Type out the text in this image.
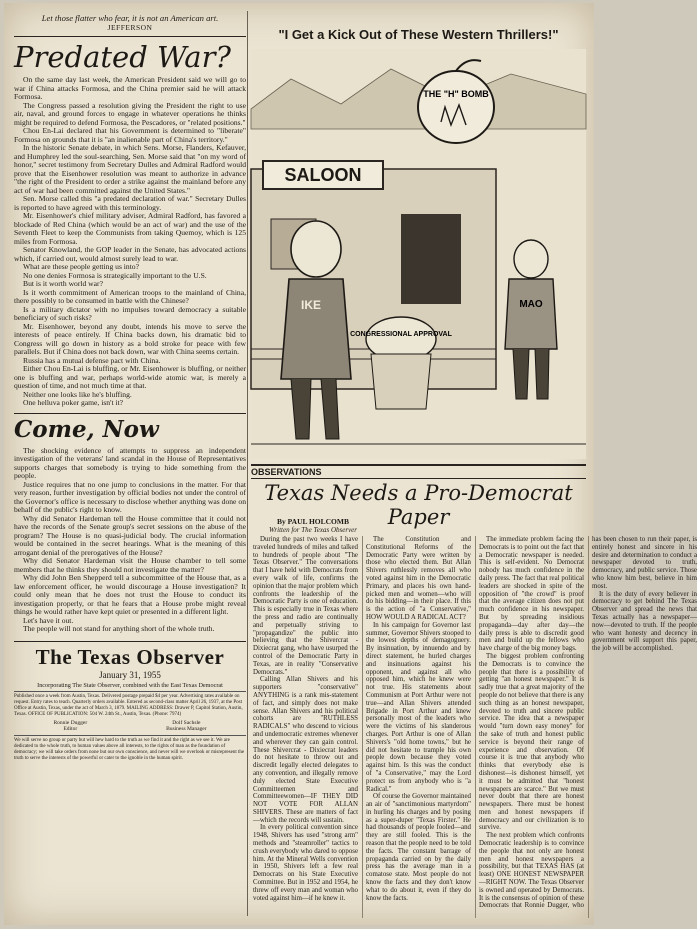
Let those flatter who fear, it is not an American art.
JEFFERSON
Predated War?

On the same day last week, the American President said we will go to war if China attacks Formosa, and the China premier said he will attack Formosa.

The Congress passed a resolution giving the President the right to use air, naval, and ground forces to engage in whatever operations he thinks might be required to defend Formosa, the Pescadores, or "related positions."

Chou En-Lai declared that his Government is determined to "liberate" Formosa on grounds that it is "an inalienable part of China's territory."

In the historic Senate debate, in which Sens. Morse, Flanders, Kefauver, and Humphrey led the soul-searching, Sen. Morse said that "on my word of honor," secret testimony from Secretary Dulles and Admiral Radford would prove that the Eisenhower resolution was meant to authorize in advance "the right of the President to order a strike against the mainland before any act of war had been committed against the United States."

Sen. Morse called this "a predated declaration of war." Secretary Dulles is reported to have agreed with this terminology.

Mr. Eisenhower's chief military adviser, Admiral Radford, has favored a blockade of Red China (which would be an act of war) and the use of the Seventh Fleet to keep the Communists from taking Quemoy, which is 125 miles from Formosa.

Senator Knowland, the GOP leader in the Senate, has advocated actions which, if carried out, would almost surely lead to war.

What are these people getting us into?

No one denies Formosa is strategically important to the U.S.

But is it worth world war?

Is it worth commitment of American troops to the mainland of China, there possibly to be consumed in battle with the Chinese?

Is a military dictator with no impulses toward democracy a suitable beneficiary of such risks?

Mr. Eisenhower, beyond any doubt, intends his move to serve the interests of peace entirely. If China backs down, his dramatic bid to Congress will go down in history as a bold stroke for peace with few parallels. But if China does not back down, war with China seems certain.

Russia has a mutual defense pact with China.

Either Chou En-Lai is bluffing, or Mr. Eisenhower is bluffing, or neither one is bluffing and war, perhaps world-wide atomic war, is merely a question of time, and not much time at that.

Neither one looks like he's bluffing.

One helluva poker game, isn't it?

Come, Now

The shocking evidence of attempts to suppress an independent investigation of the veterans' land scandal in the House of Representatives supports charges that somebody is trying to hide something from the people.

Justice requires that no one jump to conclusions in the matter. For that very reason, further investigation by official bodies not under the control of the Governor's office is necessary to disclose whether anything was done on behalf of the public's right to know.

Why did Senator Hardeman tell the House committee that it could not have the records of the Senate group's secret sessions on the abuse of the program? The House is no quasi-judicial body. The crucial information would be contained in the secret hearings. What is the meaning of this arrogant denial of the prerogatives of the House?

Why did Senator Hardeman visit the House chamber to tell some members that he thinks they should not investigate the matter?

Why did John Ben Shepperd tell a subcommittee of the House that, as a law enforcement officer, he would discourage a House investigation? It could only mean that he does not trust the House to conduct its investigation properly, or that he fears that a House probe might reveal things he would rather have kept quiet or presented in a different light.

Let's have it out.

The people will not stand for anything short of the whole truth.

The Texas Observer
January 31, 1955
Incorporating The State Observer, combined with the East Texas Democrat
Published once a week from Austin, Texas. Delivered postage prepaid $4 per year. Advertising rates available on request. Entry rates to teach. Quarterly orders available. Entered as second-class matter April 26, 1937, at the Post Office at Austin, Texas, under the act of March 3, 1879. MAILING ADDRESS: Drawer P, Capitol Station, Austin, Texas. OFFICE OF PUBLICATION: 504 W. 24th St., Austin, Texas. (Phone: 7974)
Ronnie Dugger
Editor
Dolf Sachsle
Business Manager
We will serve no group or party but will hew hard to the truth as we find it and the right as we see it. We are dedicated to the whole truth, to human values above all interests, to the rights of man as the foundation of democracy; we will take orders from none but our own conscience, and never will we overlook or misrepresent the truth to serve the interests of the powerful or cater to the ignoble in the human spirit.
"I Get a Kick Out of These Western Thrillers!"
SALOON
THE "H" BOMB
IKE
CONGRESSIONAL APPROVAL
MAO
OBSERVATIONS
Texas Needs a Pro-Democrat Paper
By PAUL HOLCOMB
Written for The Texas Observer

During the past two weeks I have traveled hundreds of miles and talked to hundreds of people about "The Texas Observer." The conversations that I have held with Democrats from every walk of life, confirms the opinion that the major problem which confronts the leadership of the Democratic Party is one of education. This is especially true in Texas where the press and radio are continually and perpetually striving to "propagandize" the public into believing that the Shivercrat - Dixiecrat gang, who have usurped the control of the Democratic Party in Texas, are in reality "Conservative Democrats."

Calling Allan Shivers and his supporters "conservative" ANYTHING is a rank mis-statement of fact, and simply does not make sense. Allan Shivers and his political cohorts are "RUTHLESS RADICALS" who descend to vicious and undemocratic extremes whenever and wherever they can gain control. These Shivercrat - Dixiecrat leaders do not hesitate to throw out and discredit legally elected delegates to any convention, and illegally remove duly elected State Executive Committeemen and Committeewomen—IF THEY DID NOT VOTE FOR ALLAN SHIVERS. These are matters of fact—which the records will sustain.

In every political convention since 1948, Shivers has used "strong arm" methods and "steamroller" tactics to crush everybody who dared to oppose him. At the Mineral Wells convention in 1950, Shivers left a few real Democrats on his State Executive Committee. But in 1952 and 1954, he threw off every man and woman who voted against him—if he knew it.

The Constitution and Constitutional Reforms of the Democratic Party were written by those who elected them. But Allan Shivers ruthlessly removes all who voted against him in the Democratic Primary, and places his own hand-picked men and women—who will do his bidding—in their place. If this is the action of "a Conservative," HOW WOULD A RADICAL ACT?

In his campaign for Governor last summer, Governor Shivers stooped to the lowest depths of demagoguery. By insinuation, by innuendo and by direct statement, he hurled charges and insinuations against his opponent, and against all who opposed him, which he knew were not true. His statements about Communism at Port Arthur were not true—and Allan Shivers attended Brigade in Port Arthur and knew personally most of the leaders who were the victims of his slanderous charges. Port Arthur is one of Allan Shivers's "old home towns," but he did not hesitate to trample his own people down because they voted against him. Is this was the conduct of "a Conservative," may the Lord protect us from anybody who is "a Radical."

Of course the Governor maintained an air of "sanctimonious martyrdom" in hurling his charges and by posing as a super-duper "Texas Firster." He had thousands of people fooled—and they are still fooled. This is the reason that the people need to be told the facts. The constant barrage of propaganda carried on by the daily press has the average man in a comatose state. Most people do not know the facts and they don't know what to do about it, even if they do know the facts.

The immediate problem facing the Democrats is to point out the fact that a Democratic newspaper is needed. This is self-evident. No Democrat nobody has much confidence in the daily press. The fact that real political leaders are shocked in spite of the opposition of "the crowd" is proof that the average citizen does not put much confidence in his newspaper. But by spreading insidious propaganda—day after day—the daily press is able to discredit good men and build up the fellows who have charge of the big money bags.

The biggest problem confronting the Democrats is to convince the people that there is a possibility of getting "an honest newspaper." It is sadly true that a great majority of the people do not believe that there is any such thing as an honest newspaper, devoted to truth and sincere public service. The idea that a newspaper would "turn down easy money" for the sake of truth and honest public service is beyond their range of experience and observation. Of course it is true that anybody who thinks that everybody else is dishonest—is dishonest himself, yet it must be admitted that "honest newspapers are scarce." But we must never doubt that there are honest newspapers. There must be honest men and honest newspapers if democracy and our civilization is to survive.

The next problem which confronts Democratic leadership is to convince the people that not only are honest men and honest newspapers a possibility, but that TEXAS HAS (at least) ONE HONEST NEWSPAPER—RIGHT NOW. The Texas Observer is owned and operated by Democrats. It is the consensus of opinion of these Democrats that Ronnie Dugger, who has been chosen to run their paper, is entirely honest and sincere in his desire and determination to conduct a newspaper devoted to truth, democracy, and public service. Those who know him best, believe in him most.

It is the duty of every believer in democracy to get behind The Texas Observer and spread the news that Texas actually has a newspaper—now—devoted to truth. If the people who want honesty and decency in government will support this paper, the job will be accomplished.
